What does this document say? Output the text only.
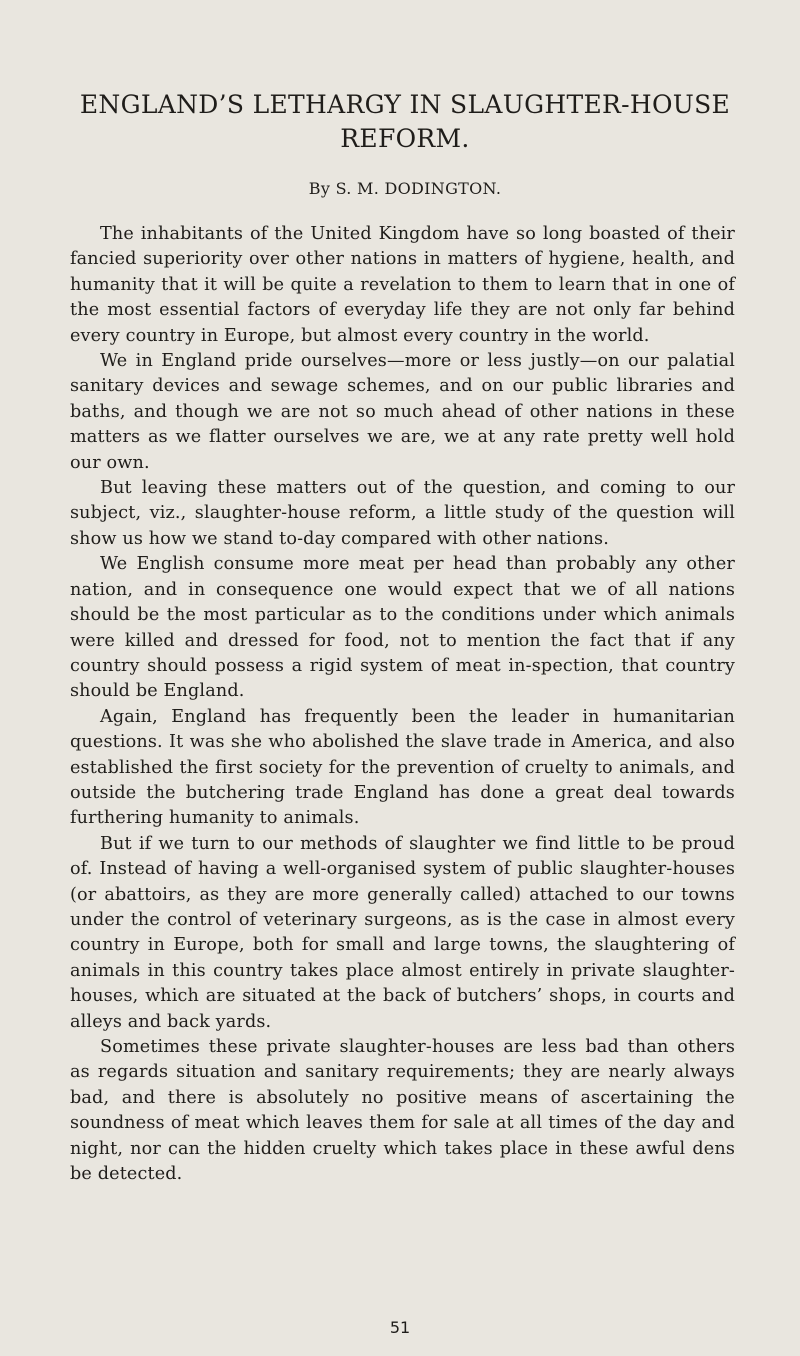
ENGLAND’S LETHARGY IN SLAUGHTER-HOUSE REFORM.
By S. M. DODINGTON.

The inhabitants of the United Kingdom have so long boasted of their fancied superiority over other nations in matters of hygiene, health, and humanity that it will be quite a revelation to them to learn that in one of the most essential factors of everyday life they are not only far behind every country in Europe, but almost every country in the world.

We in England pride ourselves—more or less justly—on our palatial sanitary devices and sewage schemes, and on our public libraries and baths, and though we are not so much ahead of other nations in these matters as we flatter ourselves we are, we at any rate pretty well hold our own.

But leaving these matters out of the question, and coming to our subject, viz., slaughter-house reform, a little study of the question will show us how we stand to-day compared with other nations.

We English consume more meat per head than probably any other nation, and in consequence one would expect that we of all nations should be the most particular as to the conditions under which animals were killed and dressed for food, not to mention the fact that if any country should possess a rigid system of meat in-spection, that country should be England.

Again, England has frequently been the leader in humanitarian questions. It was she who abolished the slave trade in America, and also established the first society for the prevention of cruelty to animals, and outside the butchering trade England has done a great deal towards furthering humanity to animals.

But if we turn to our methods of slaughter we find little to be proud of. Instead of having a well-organised system of public slaughter-houses (or abattoirs, as they are more generally called) attached to our towns under the control of veterinary surgeons, as is the case in almost every country in Europe, both for small and large towns, the slaughtering of animals in this country takes place almost entirely in private slaughter-houses, which are situated at the back of butchers’ shops, in courts and alleys and back yards.

Sometimes these private slaughter-houses are less bad than others as regards situation and sanitary requirements; they are nearly always bad, and there is absolutely no positive means of ascertaining the soundness of meat which leaves them for sale at all times of the day and night, nor can the hidden cruelty which takes place in these awful dens be detected.

51
